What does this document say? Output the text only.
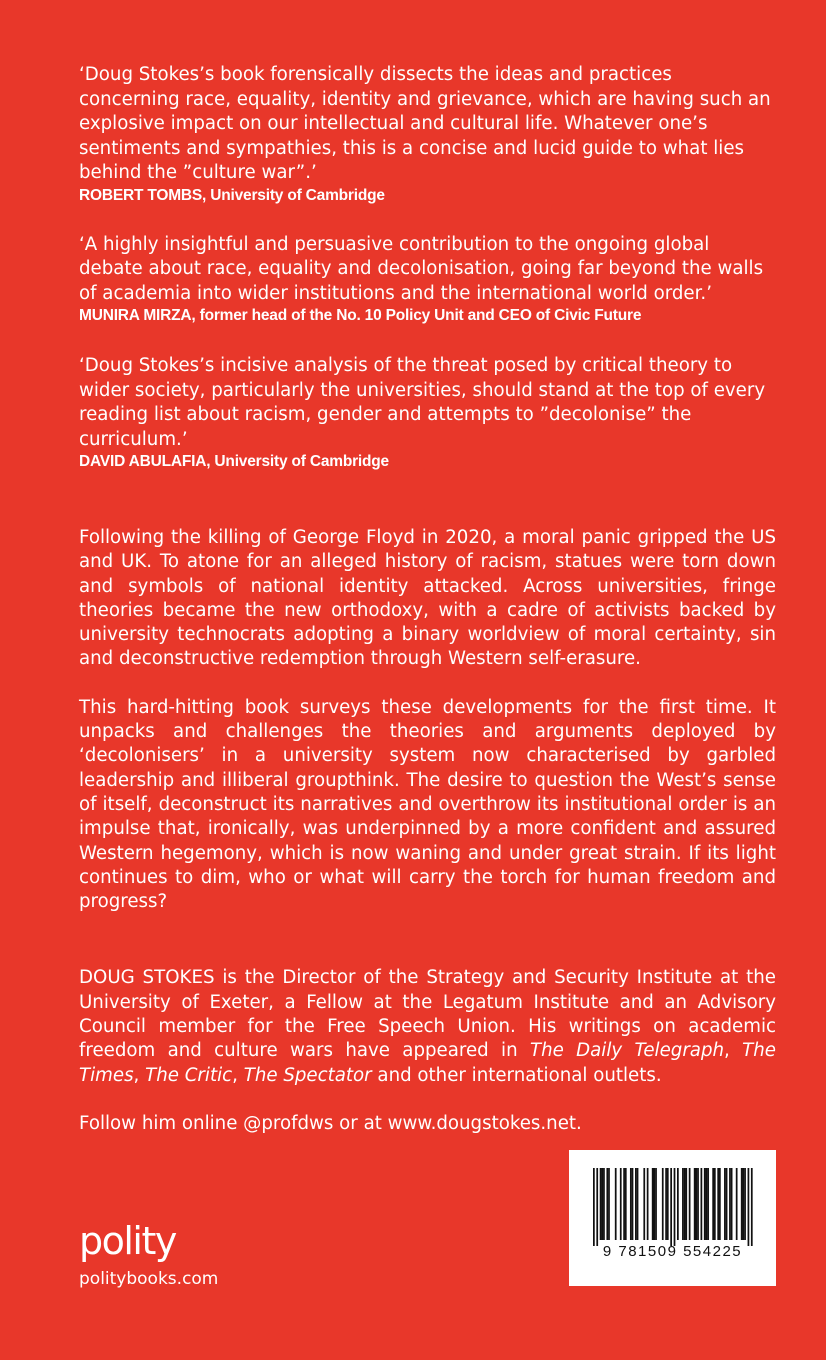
‘Doug Stokes’s book forensically dissects the ideas and practices concerning race, equality, identity and grievance, which are having such an explosive impact on our intellectual and cultural life. Whatever one’s sentiments and sympathies, this is a concise and lucid guide to what lies behind the ”culture war”.’

ROBERT TOMBS, University of Cambridge

‘A highly insightful and persuasive contribution to the ongoing global debate about race, equality and decolonisation, going far beyond the walls of academia into wider institutions and the international world order.’

MUNIRA MIRZA, former head of the No. 10 Policy Unit and CEO of Civic Future

‘Doug Stokes’s incisive analysis of the threat posed by critical theory to wider society, particularly the universities, should stand at the top of every reading list about racism, gender and attempts to ”decolonise” the curriculum.’

DAVID ABULAFIA, University of Cambridge

Following the killing of George Floyd in 2020, a moral panic gripped the US and UK. To atone for an alleged history of racism, statues were torn down and symbols of national identity attacked. Across universities, fringe theories became the new orthodoxy, with a cadre of activists backed by university technocrats adopting a binary worldview of moral certainty, sin and deconstructive redemption through Western self-erasure.

This hard-hitting book surveys these developments for the first time. It unpacks and challenges the theories and arguments deployed by ‘decolonisers’ in a university system now characterised by garbled leadership and illiberal groupthink. The desire to question the West’s sense of itself, deconstruct its narratives and overthrow its institutional order is an impulse that, ironically, was underpinned by a more confident and assured Western hegemony, which is now waning and under great strain. If its light continues to dim, who or what will carry the torch for human freedom and progress?

DOUG STOKES is the Director of the Strategy and Security Institute at the University of Exeter, a Fellow at the Legatum Institute and an Advisory Council member for the Free Speech Union. His writings on academic freedom and culture wars have appeared in The Daily Telegraph, The Times, The Critic, The Spectator and other international outlets.

Follow him online @profdws or at www.dougstokes.net.

polity
politybooks.com
9 781509 554225
